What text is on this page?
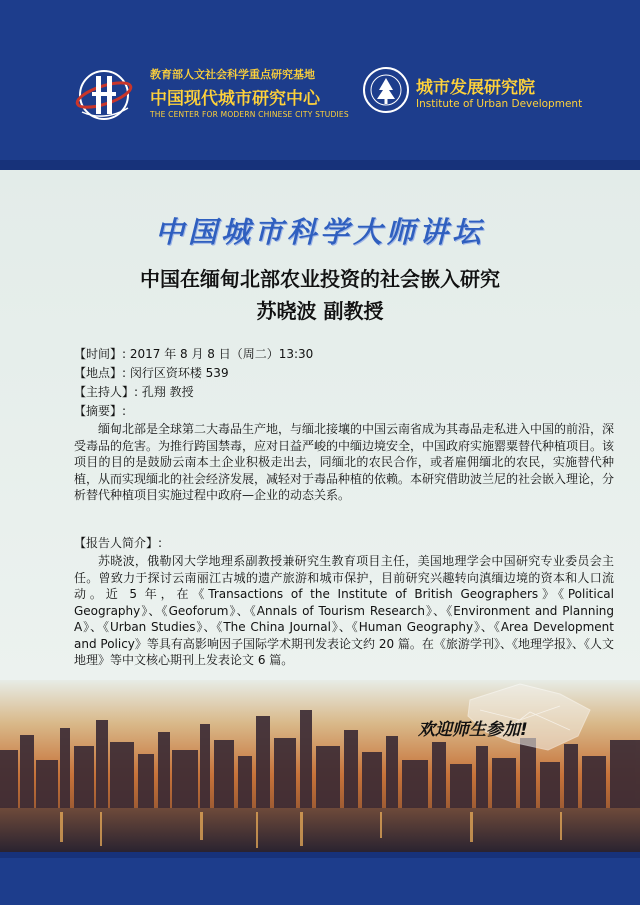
教育部人文社会科学重点研究基地
中国现代城市研究中心
THE CENTER FOR MODERN CHINESE CITY STUDIES
城市发展研究院
Institute of Urban Development
中国城市科学大师讲坛
中国在缅甸北部农业投资的社会嵌入研究
苏晓波 副教授
【时间】: 2017 年 8 月 8 日（周二）13:30
【地点】: 闵行区资环楼 539
【主持人】: 孔翔 教授
【摘要】:
缅甸北部是全球第二大毒品生产地，与缅北接壤的中国云南省成为其毒品走私进入中国的前沿，深受毒品的危害。为推行跨国禁毒，应对日益严峻的中缅边境安全，中国政府实施罂粟替代种植项目。该项目的目的是鼓励云南本土企业积极走出去，同缅北的农民合作，或者雇佣缅北的农民，实施替代种植，从而实现缅北的社会经济发展，减轻对于毒品种植的依赖。本研究借助波兰尼的社会嵌入理论，分析替代种植项目实施过程中政府—企业的动态关系。
【报告人简介】:
苏晓波，俄勒冈大学地理系副教授兼研究生教育项目主任，美国地理学会中国研究专业委员会主任。曾致力于探讨云南丽江古城的遗产旅游和城市保护，目前研究兴趣转向滇缅边境的资本和人口流动。近 5 年，在《Transactions of the Institute of British Geographers》《Political Geography》、《Geoforum》、《Annals of Tourism Research》、《Environment and Planning A》、《Urban Studies》、《The China Journal》、《Human Geography》、《Area Development and Policy》等具有高影响因子国际学术期刊发表论文约 20 篇。在《旅游学刊》、《地理学报》、《人文地理》等中文核心期刊上发表论文 6 篇。
欢迎师生参加!
